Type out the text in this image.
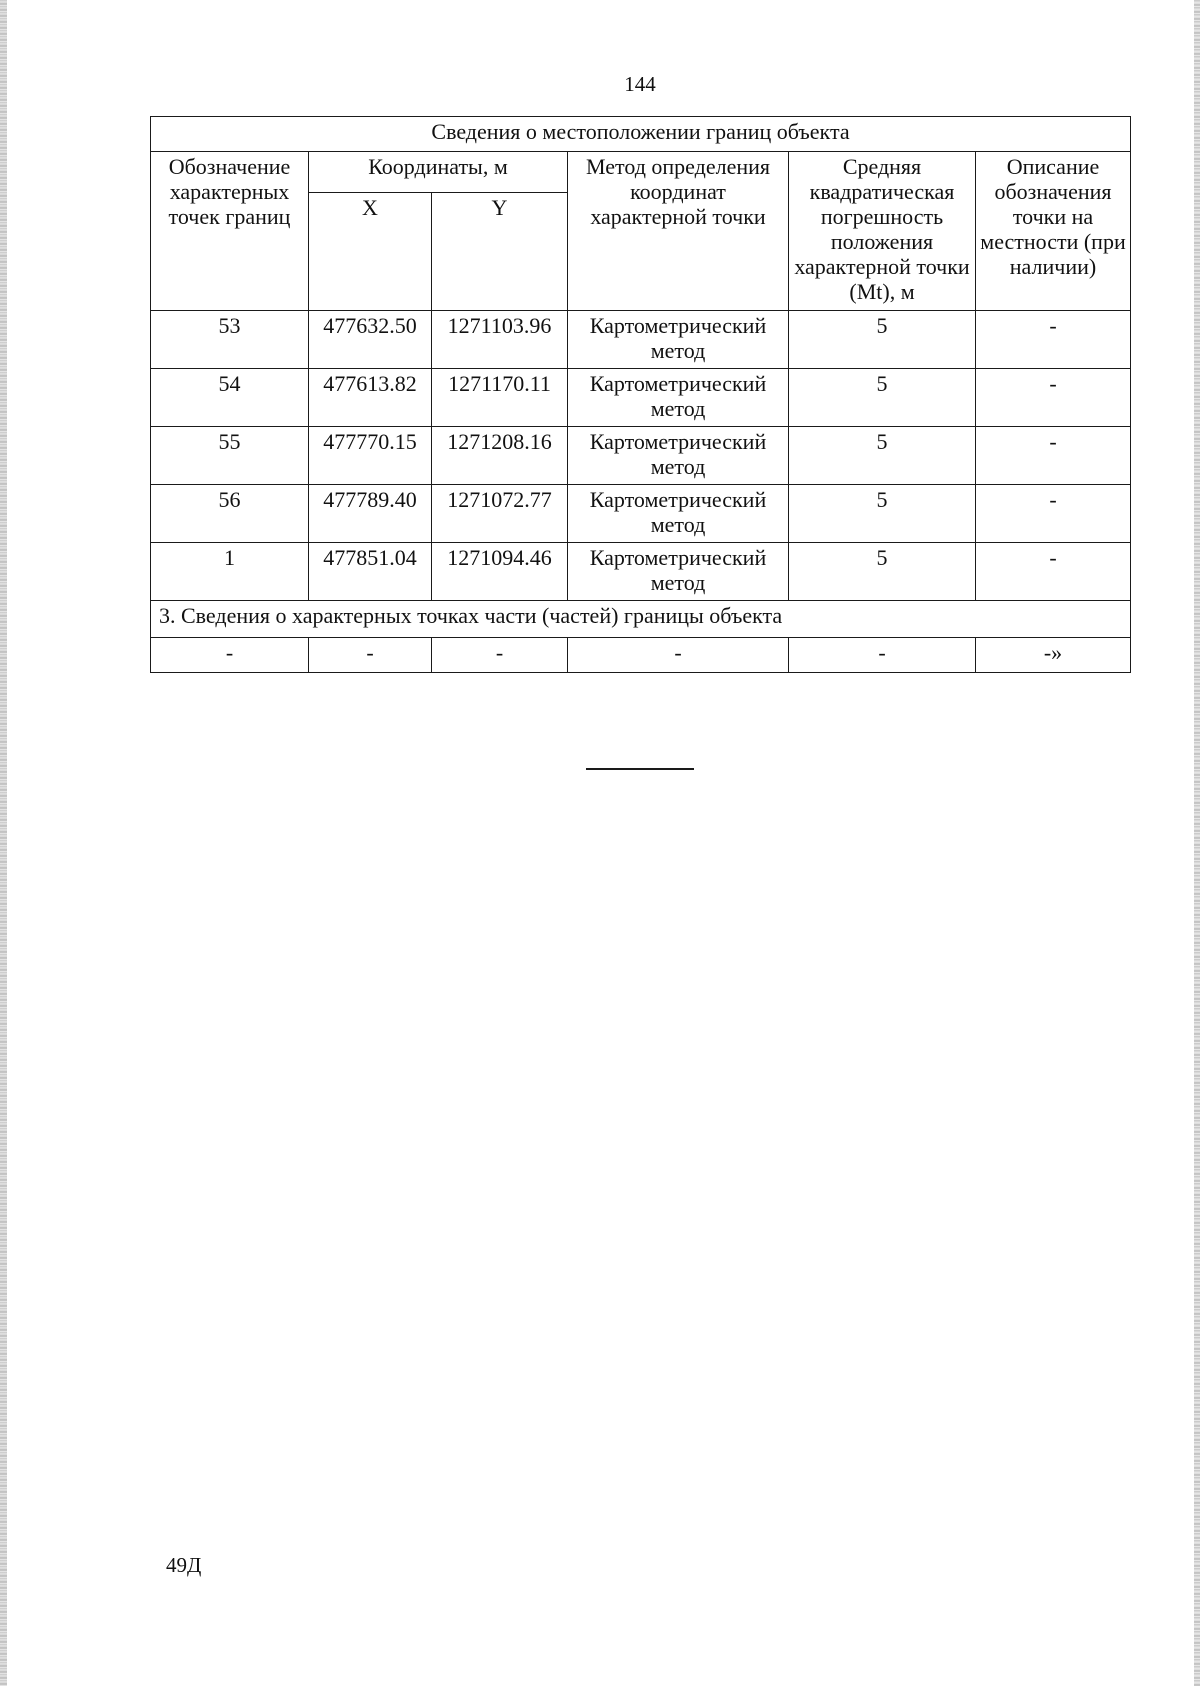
144
Сведения о местоположении границ объекта					
Обозначение характерных точек границ	Координаты, м		Метод определения координат характерной точки	Средняя квадратическая погрешность положения характерной точки (Mt), м	Описание обозначения точки на местности (при наличии)
	X	Y			
53	477632.50	1271103.96	Картометрический метод	5	-
54	477613.82	1271170.11	Картометрический метод	5	-
55	477770.15	1271208.16	Картометрический метод	5	-
56	477789.40	1271072.77	Картометрический метод	5	-
1	477851.04	1271094.46	Картометрический метод	5	-
3. Сведения о характерных точках части (частей) границы объекта					
-	-	-	-	-	-»
49Д
